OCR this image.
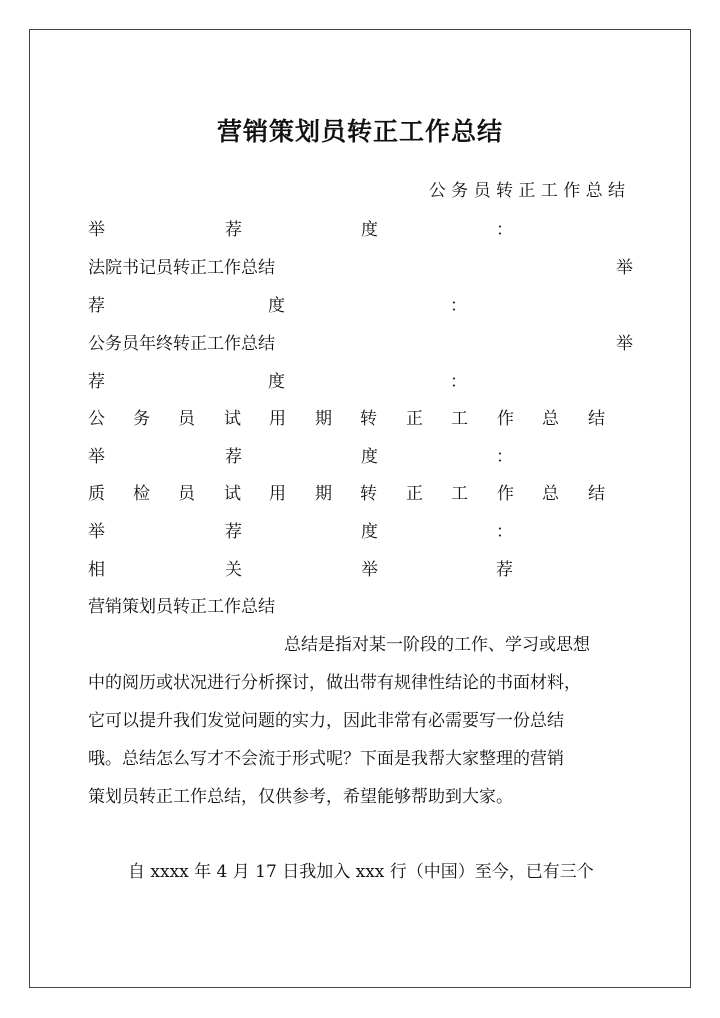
营销策划员转正工作总结
公 务 员 转 正 工 作 总 结
举	荐	度	：
法院书记员转正工作总结	举
荐	度	：
公务员年终转正工作总结	举
荐	度	：
公 务 员 试 用 期 转 正 工 作 总 结
举	荐	度	：
质 检 员 试 用 期 转 正 工 作 总 结
举	荐	度	：
相	关	举	荐
营销策划员转正工作总结
总结是指对某一阶段的工作、学习或思想
中的阅历或状况进行分析探讨，做出带有规律性结论的书面材料，
它可以提升我们发觉问题的实力，因此非常有必需要写一份总结
哦。总结怎么写才不会流于形式呢？下面是我帮大家整理的营销
策划员转正工作总结，仅供参考，希望能够帮助到大家。
自 xxxx 年 4 月 17 日我加入 xxx 行（中国）至今，已有三个
